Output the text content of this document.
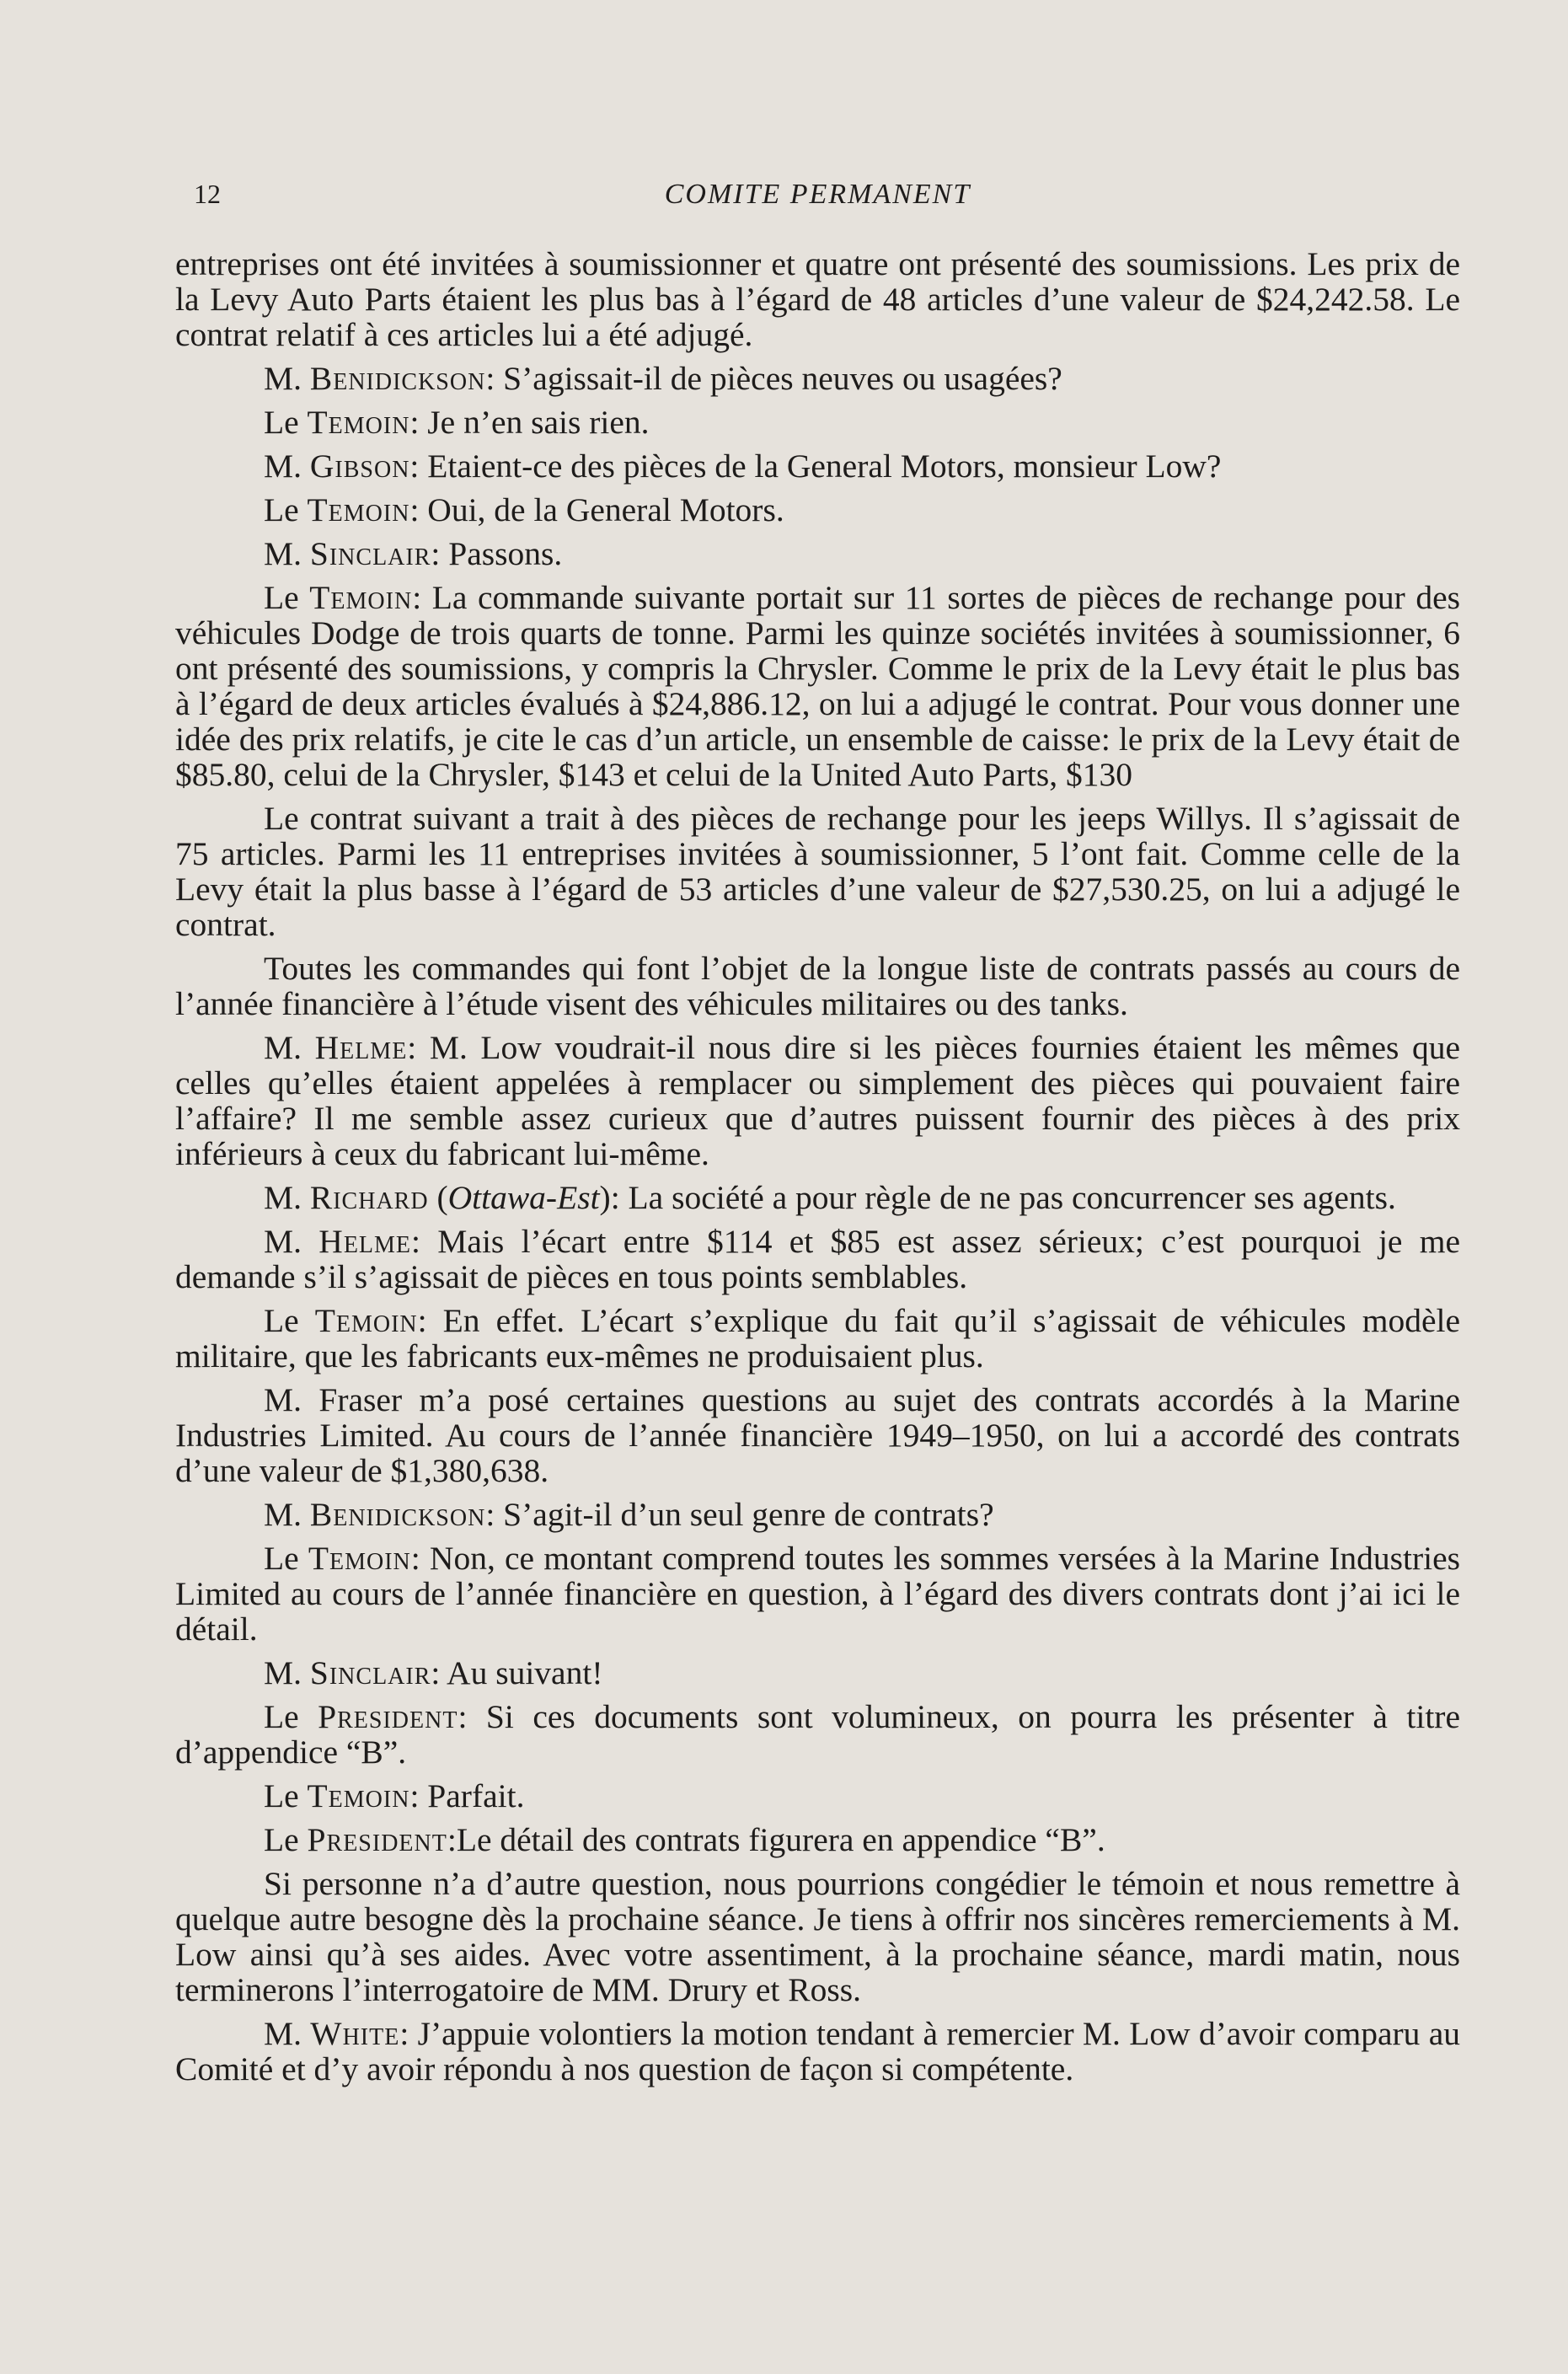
12	COMITE PERMANENT

entreprises ont été invitées à soumissionner et quatre ont présenté des soumissions. Les prix de la Levy Auto Parts étaient les plus bas à l’égard de 48 articles d’une valeur de $24,242.58. Le contrat relatif à ces articles lui a été adjugé.

M. Benidickson: S’agissait-il de pièces neuves ou usagées?

Le Temoin: Je n’en sais rien.

M. Gibson: Etaient-ce des pièces de la General Motors, monsieur Low?

Le Temoin: Oui, de la General Motors.

M. Sinclair: Passons.

Le Temoin: La commande suivante portait sur 11 sortes de pièces de rechange pour des véhicules Dodge de trois quarts de tonne. Parmi les quinze sociétés invitées à soumissionner, 6 ont présenté des soumissions, y compris la Chrysler. Comme le prix de la Levy était le plus bas à l’égard de deux articles évalués à $24,886.12, on lui a adjugé le contrat. Pour vous donner une idée des prix relatifs, je cite le cas d’un article, un ensemble de caisse: le prix de la Levy était de $85.80, celui de la Chrysler, $143 et celui de la United Auto Parts, $130

Le contrat suivant a trait à des pièces de rechange pour les jeeps Willys. Il s’agissait de 75 articles. Parmi les 11 entreprises invitées à soumissionner, 5 l’ont fait. Comme celle de la Levy était la plus basse à l’égard de 53 articles d’une valeur de $27,530.25, on lui a adjugé le contrat.

Toutes les commandes qui font l’objet de la longue liste de contrats passés au cours de l’année financière à l’étude visent des véhicules militaires ou des tanks.

M. Helme: M. Low voudrait-il nous dire si les pièces fournies étaient les mêmes que celles qu’elles étaient appelées à remplacer ou simplement des pièces qui pouvaient faire l’affaire? Il me semble assez curieux que d’autres puissent fournir des pièces à des prix inférieurs à ceux du fabricant lui-même.

M. Richard (Ottawa-Est): La société a pour règle de ne pas concurrencer ses agents.

M. Helme: Mais l’écart entre $114 et $85 est assez sérieux; c’est pourquoi je me demande s’il s’agissait de pièces en tous points semblables.

Le Temoin: En effet. L’écart s’explique du fait qu’il s’agissait de véhicules modèle militaire, que les fabricants eux-mêmes ne produisaient plus.

M. Fraser m’a posé certaines questions au sujet des contrats accordés à la Marine Industries Limited. Au cours de l’année financière 1949–1950, on lui a accordé des contrats d’une valeur de $1,380,638.

M. Benidickson: S’agit-il d’un seul genre de contrats?

Le Temoin: Non, ce montant comprend toutes les sommes versées à la Marine Industries Limited au cours de l’année financière en question, à l’égard des divers contrats dont j’ai ici le détail.

M. Sinclair: Au suivant!

Le President: Si ces documents sont volumineux, on pourra les présenter à titre d’appendice “B”.

Le Temoin: Parfait.

Le President:Le détail des contrats figurera en appendice “B”.

Si personne n’a d’autre question, nous pourrions congédier le témoin et nous remettre à quelque autre besogne dès la prochaine séance. Je tiens à offrir nos sincères remerciements à M. Low ainsi qu’à ses aides. Avec votre assentiment, à la prochaine séance, mardi matin, nous terminerons l’interrogatoire de MM. Drury et Ross.

M. White: J’appuie volontiers la motion tendant à remercier M. Low d’avoir comparu au Comité et d’y avoir répondu à nos question de façon si compétente.
